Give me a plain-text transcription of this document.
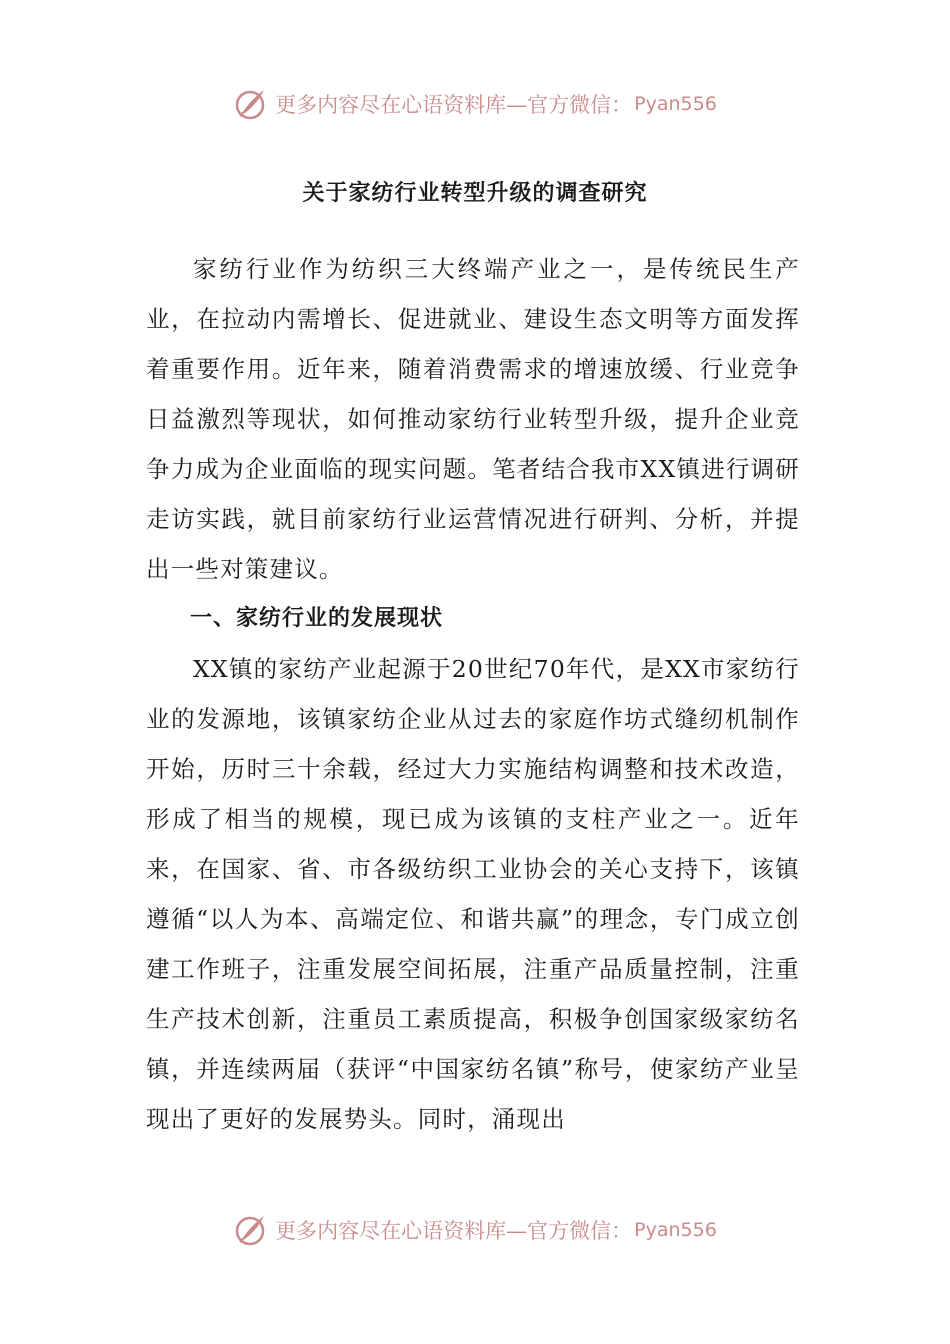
更多内容尽在心语资料库—官方微信： Pyan556
关于家纺行业转型升级的调查研究

家纺行业作为纺织三大终端产业之一，是传统民生产业，在拉动内需增长、促进就业、建设生态文明等方面发挥着重要作用。近年来，随着消费需求的增速放缓、行业竞争日益激烈等现状，如何推动家纺行业转型升级，提升企业竞争力成为企业面临的现实问题。笔者结合我市XX镇进行调研走访实践，就目前家纺行业运营情况进行研判、分析，并提出一些对策建议。

一、家纺行业的发展现状

XX镇的家纺产业起源于20世纪70年代，是XX市家纺行业的发源地，该镇家纺企业从过去的家庭作坊式缝纫机制作开始，历时三十余载，经过大力实施结构调整和技术改造，形成了相当的规模，现已成为该镇的支柱产业之一。近年来，在国家、省、市各级纺织工业协会的关心支持下，该镇遵循“以人为本、高端定位、和谐共赢”的理念，专门成立创建工作班子，注重发展空间拓展，注重产品质量控制，注重生产技术创新，注重员工素质提高，积极争创国家级家纺名镇，并连续两届（获评“中国家纺名镇”称号，使家纺产业呈现出了更好的发展势头。同时，涌现出

更多内容尽在心语资料库—官方微信： Pyan556
